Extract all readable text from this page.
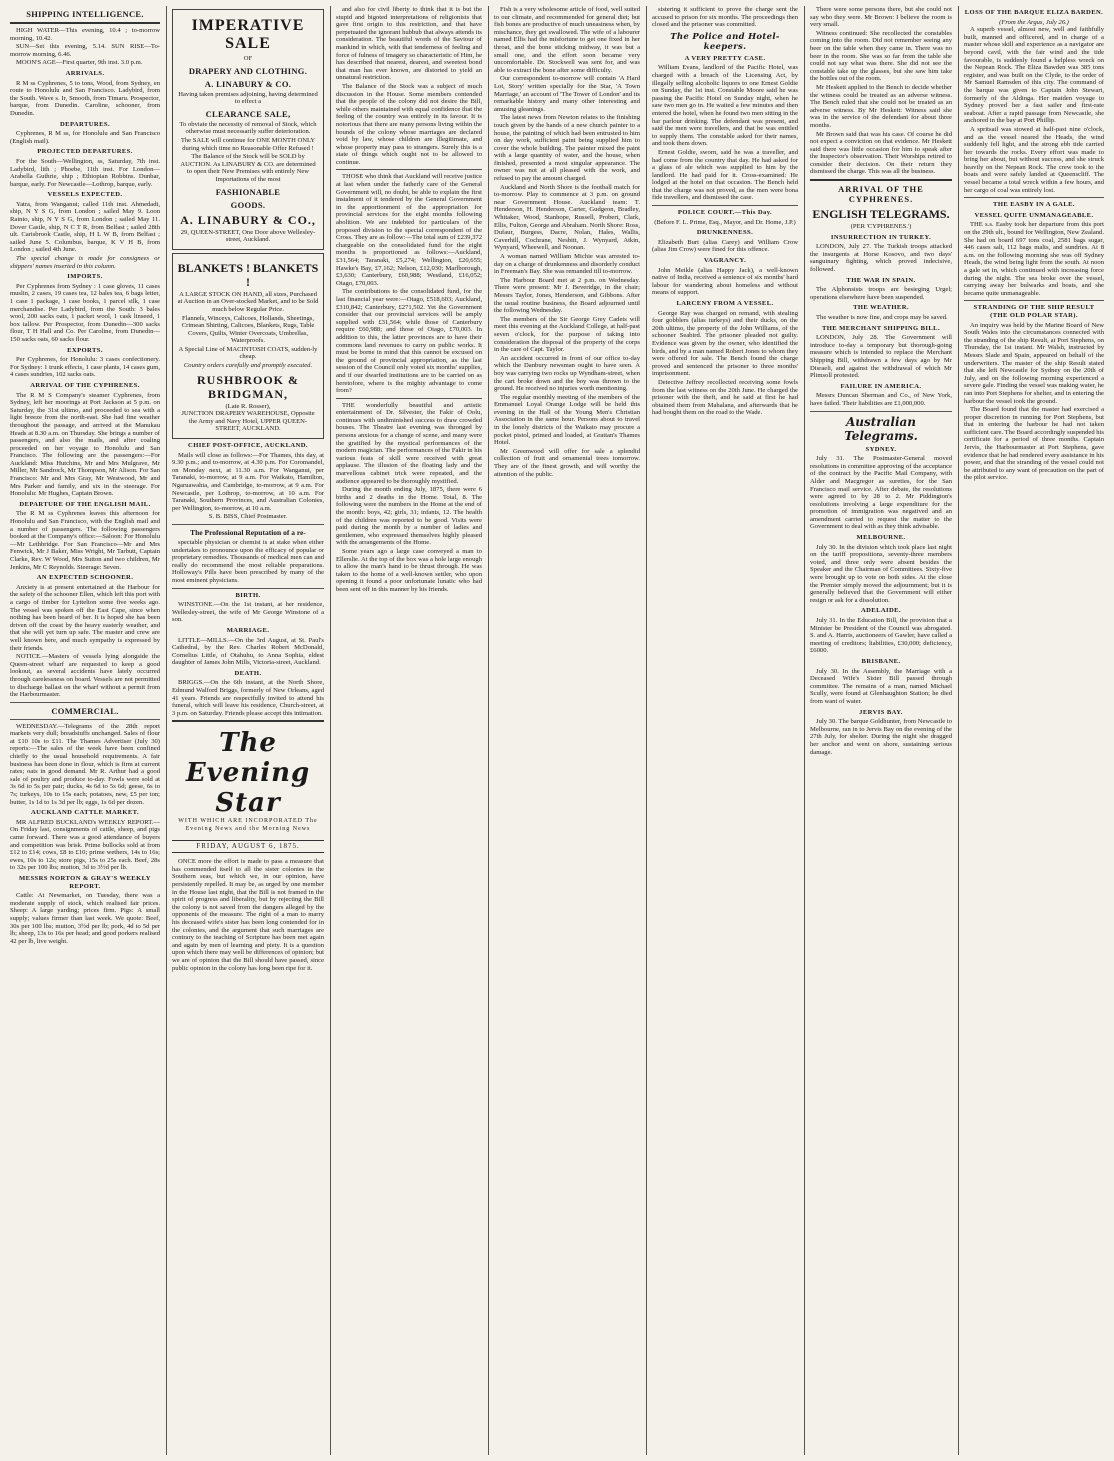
SHIPPING INTELLIGENCE.

HIGH WATER—This evening, 10.4 ; to-morrow morning, 10.42.

SUN—Set this evening, 5.14. SUN RISE—To-morrow morning, 6.46.

MOON'S AGE—First quarter, 9th inst. 3.0 p.m.

ARRIVALS.

R M ss Cyphrenes, 5 to tons, Wood, from Sydney, en route to Honolulu and San Francisco. Ladybird, from the South. Wave s. Ir, Smooth, from Timaru. Prospector, barque, from Dunedin. Caroline, schooner, from Dunedin.

DEPARTURES.

Cyphrenes, R M ss, for Honolulu and San Francisco (English mail).

PROJECTED DEPARTURES.

For the South—Wellington, ss, Saturday, 7th inst. Ladybird, lith ; Phoebe, 11th inst. For London—Arabella Guthrie, ship ; Ethiopian Robbins. Dunbar, barque, early. For Newcastle—Lothrop, barque, early.

VESSELS EXPECTED.

Yatra, from Wanganui; called 11th inst. Ahmedadt, ship, N Y S G, from London ; sailed May 9. Loon Rainto, ship, N Y S G, from London ; sailed May 11. Dover Castle, ship, N C T R, from Belfast ; sailed 28th ult. Carisbrook Castle, ship, H L W B, from Belfast ; sailed June 5. Columbus, barque, K V H B, from London ; sailed 4th June.

The special change is made for consignees or shippers' names inserted in this column.

IMPORTS.

Per Cyphrenes from Sydney : 1 case gloves, 11 cases muslin, 2 cases, 19 cases tea, 12 bales tea, 6 bags letter, 1 case 1 package, 1 case books, 1 parcel silk, 1 case merchandise. Per Ladybird, from the South: 3 bales wool, 200 sacks oats, 1 packet wool, 1 cask linseed, 1 box tallow. Per Prospector, from Dunedin—300 sacks flour, T H Hall and Co. Per Caroline, from Dunedin—150 sacks oats, 60 sacks flour.

EXPORTS.

Per Cyphrenes, for Honolulu: 3 cases confectionery. For Sydney: 1 trunk effects, 1 case plants, 14 cases gum, 4 cases sundries, 102 sacks oats.

ARRIVAL OF THE CYPHRENES.

The R M S Company's steamer Cyphrenes, from Sydney, left her moorings at Port Jackson at 5 p.m. on Saturday, the 31st ultimo, and proceeded to sea with a light breeze from the north-east. She had fine weather throughout the passage, and arrived at the Manukau Heads at 8.30 a.m. on Thursday. She brings a number of passengers, and also the mails, and after coaling proceeded on her voyage to Honolulu and San Francisco. The following are the passengers:—For Auckland: Miss Hutchins, Mr and Mrs Mulgrave, Mr Miller, Mr Sandrock, Mr Thompson, Mr Alison. For San Francisco: Mr and Mrs Gray, Mr Westwood, Mr and Mrs Parker and family, and six in the steerage. For Honolulu: Mr Hughes, Captain Brown.

DEPARTURE OF THE ENGLISH MAIL.

The R M ss Cyphrenes leaves this afternoon for Honolulu and San Francisco, with the English mail and a number of passengers. The following passengers booked at the Company's office:—Saloon: For Honolulu—Mr Lethbridge. For San Francisco—Mr and Mrs Fenwick, Mr J Baker, Miss Wright, Mr Tarbutt, Captain Clarke, Rev. W Wood, Mrs Sutton and two children, Mr Jenkins, Mr C Reynolds. Steerage: Seven.

AN EXPECTED SCHOONER.

Anxiety is at present entertained at the Harbour for the safety of the schooner Ellen, which left this port with a cargo of timber for Lyttelton some five weeks ago. The vessel was spoken off the East Cape, since when nothing has been heard of her. It is hoped she has been driven off the coast by the heavy easterly weather, and that she will yet turn up safe. The master and crew are well known here, and much sympathy is expressed by their friends.

NOTICE.—Masters of vessels lying alongside the Queen-street wharf are requested to keep a good lookout, as several accidents have lately occurred through carelessness on board. Vessels are not permitted to discharge ballast on the wharf without a permit from the Harbourmaster.

COMMERCIAL.

WEDNESDAY.—Telegrams of the 28th report markets very dull; breadstuffs unchanged. Sales of flour at £10 10s to £11. The Thames Advertiser (July 30) reports:—The sales of the week have been confined chiefly to the usual household requirements. A fair business has been done in flour, which is firm at current rates; oats in good demand. Mr R. Arthur had a good sale of poultry and produce to-day. Fowls were sold at 3s 6d to 5s per pair; ducks, 4s 6d to 5s 6d; geese, 6s to 7s; turkeys, 10s to 15s each; potatoes, new, £5 per ton; butter, 1s 1d to 1s 3d per lb; eggs, 1s 6d per dozen.

AUCKLAND CATTLE MARKET.

MR ALFRED BUCKLAND's WEEKLY REPORT.—On Friday last, consignments of cattle, sheep, and pigs came forward. There was a good attendance of buyers and competition was brisk. Prime bullocks sold at from £12 to £14; cows, £8 to £10; prime wethers, 14s to 16s; ewes, 10s to 12s; store pigs, 15s to 25s each. Beef, 28s to 32s per 100 lbs; mutton, 3d to 3½d per lb.

MESSRS NORTON & GRAY'S WEEKLY REPORT.

Cattle: At Newmarket, on Tuesday, there was a moderate supply of stock, which realised fair prices. Sheep: A large yarding; prices firm. Pigs: A small supply; values firmer than last week. We quote: Beef, 30s per 100 lbs; mutton, 3½d per lb; pork, 4d to 5d per lb; sheep, 13s to 16s per head; and good porkers realised 42 per lb, live weight.

IMPERATIVE SALE
OF
DRAPERY AND CLOTHING.
A. LINABURY & CO.

Having taken premises adjoining, having determined to effect a

CLEARANCE SALE,

To obviate the necessity of removal of Stock, which otherwise must necessarily suffer deterioration.

The SALE will continue for ONE MONTH ONLY during which time no Reasonable Offer Refused !

The Balance of the Stock will be SOLD by AUCTION. As LINABURY & CO. are determined to open their New Premises with entirely New Importations of the most

FASHIONABLE
GOODS.
A. LINABURY & CO.,

29, QUEEN-STREET, One Door above Wellesley-street, Auckland.

BLANKETS ! BLANKETS !

A LARGE STOCK ON HAND, all sizes, Purchased at Auction in an Over-stocked Market, and to be Sold much below Regular Price.

Flannels, Winceys, Calicoes, Hollands, Sheetings, Crimean Shirting, Calicoes, Blankets, Rugs, Table Covers, Quilts, Winter Overcoats, Umbrellas, Waterproofs.

A Special Line of MACINTOSH COATS, sudden-ly cheap.

Country orders carefully and promptly executed.

RUSHBROOK & BRIDGMAN,
(Late R. Rosser),

JUNCTION DRAPERY WAREHOUSE, Opposite the Army and Navy Hotel, UPPER QUEEN-STREET, AUCKLAND.

CHIEF POST-OFFICE, AUCKLAND.

Mails will close as follows:—For Thames, this day, at 9.30 p.m.; and to-morrow, at 4.30 p.m. For Coromandel, on Monday next, at 11.30 a.m. For Wanganui, per Taranaki, to-morrow, at 9 a.m. For Waikato, Hamilton, Ngaruawahia, and Cambridge, to-morrow, at 9 a.m. For Newcastle, per Lothrop, to-morrow, at 10 a.m. For Taranaki, Southern Provinces, and Australian Colonies, per Wellington, to-morrow, at 10 a.m.

S. B. BISS, Chief Postmaster.

The Professional Reputation of a re-

spectable physician or chemist is at stake when either undertakes to pronounce upon the efficacy of popular or proprietary remedies. Thousands of medical men can and really do recommend the most reliable preparations. Holloway's Pills have been prescribed by many of the most eminent physicians.

BIRTH.

WINSTONE.—On the 1st instant, at her residence, Wellesley-street, the wife of Mr George Winstone of a son.

MARRIAGE.

LITTLE—MILLS.—On the 3rd August, at St. Paul's Cathedral, by the Rev. Charles Robert McDonald, Cornelius Little, of Otahuhu, to Anna Sophia, eldest daughter of James John Mills, Victoria-street, Auckland.

DEATH.

BRIGGS.—On the 6th instant, at the North Shore, Edmund Walford Briggs, formerly of New Orleans, aged 41 years. Friends are respectfully invited to attend his funeral, which will leave his residence, Church-street, at 3 p.m. on Saturday. Friends please accept this intimation.

The Evening Star
WITH WHICH ARE INCORPORATED The Evening News and the Morning News
FRIDAY, AUGUST 6, 1875.

ONCE more the effort is made to pass a measure that has commended itself to all the sister colonies in the Southern seas, but which we, in our opinion, have persistently repelled. It may be, as urged by one member in the House last night, that the Bill is not framed in the spirit of progress and liberality, but by rejecting the Bill the colony is not saved from the dangers alleged by the opponents of the measure. The right of a man to marry his deceased wife's sister has been long contended for in the colonies, and the argument that such marriages are contrary to the teaching of Scripture has been met again and again by men of learning and piety. It is a question upon which there may well be differences of opinion; but we are of opinion that the Bill should have passed, since public opinion in the colony has long been ripe for it.

and also for civil liberty to think that it is but the stupid and bigoted interpretations of religionists that gave first origin to this restriction, and that have perpetuated the ignorant hubbub that always attends its consideration. The beautiful words of the Saviour of mankind in which, with that tenderness of feeling and force of fulness of imagery so characteristic of Him, he has described that nearest, dearest, and sweetest bond that man has ever known, are distorted to yield an unnatural restriction.

The Balance of the Stock was a subject of much discussion in the House. Some members contended that the people of the colony did not desire the Bill, while others maintained with equal confidence that the feeling of the country was entirely in its favour. It is notorious that there are many persons living within the bounds of the colony whose marriages are declared void by law, whose children are illegitimate, and whose property may pass to strangers. Surely this is a state of things which ought not to be allowed to continue.

THOSE who think that Auckland will receive justice at last when under the fatherly care of the General Government will, no doubt, be able to explain the first instalment of it tendered by the General Government in the apportionment of the appropriation for provincial services for the eight months following abolition. We are indebted for particulars of the proposed division to the special correspondent of the Cross. They are as follow:—The total sum of £239,372 chargeable on the consolidated fund for the eight months is proportioned as follows:—Auckland, £31,564; Taranaki, £5,274; Wellington, £20,655; Hawke's Bay, £7,162; Nelson, £12,030; Marlborough, £3,630; Canterbury, £60,988; Westland, £16,052; Otago, £70,003.

The contributions to the consolidated fund, for the last financial year were:—Otago, £518,603; Auckland, £310,842; Canterbury, £271,502. Yet the Government consider that our provincial services will be amply supplied with £31,564; while those of Canterbury require £60,988; and those of Otago, £70,003. In addition to this, the latter provinces are to have their commons land revenues to carry on public works. It must be borne in mind that this cannot be excused on the ground of provincial appropriation, as the last session of the Council only voted six months' supplies, and if our dwarfed institutions are to be carried on as heretofore, where is the mighty advantage to come from?

THE wonderfully beautiful and artistic entertainment of Dr. Silvester, the Fakir of Oolu, continues with undiminished success to draw crowded houses. The Theatre last evening was thronged by persons anxious for a change of scene, and many were the gratified by the mystical performances of the modern magician. The performances of the Fakir in his various feats of skill were received with great applause. The illusion of the floating lady and the marvellous cabinet trick were repeated, and the audience appeared to be thoroughly mystified.

During the month ending July, 1875, there were 6 births and 2 deaths in the Home. Total, 8. The following were the numbers in the Home at the end of the month: boys, 42; girls, 31; infants, 12. The health of the children was reported to be good. Visits were paid during the month by a number of ladies and gentlemen, who expressed themselves highly pleased with the arrangements of the Home.

Some years ago a large case conveyed a man to Ellerslie. At the top of the box was a hole large enough to allow the man's hand to be thrust through. He was taken to the home of a well-known settler, who upon opening it found a poor unfortunate lunatic who had been sent off in this manner by his friends.

Fish is a very wholesome article of food, well suited to our climate, and recommended for general diet; but fish bones are productive of much uneasiness when, by mischance, they get swallowed. The wife of a labourer named Ellis had the misfortune to get one fixed in her throat, and the bone sticking midway, it was but a small one, and the effort soon became very uncomfortable. Dr. Stockwell was sent for, and was able to extract the bone after some difficulty.

Our correspondent to-morrow will contain 'A Hard Lot, Story' written specially for the Star, 'A Town Marriage,' an account of 'The Tower of London' and its remarkable history and many other interesting and amusing gleanings.

The latest news from Newton relates to the finishing touch given by the hands of a new church painter to a house, the painting of which had been entrusted to him on day work, sufficient paint being supplied him to cover the whole building. The painter mixed the paint with a large quantity of water, and the house, when finished, presented a most singular appearance. The owner was not at all pleased with the work, and refused to pay the amount charged.

Auckland and North Shore is the football match for to-morrow. Play to commence at 3 p.m. on ground near Government House. Auckland team: T. Henderson, H. Henderson, Carter, Gudgeon, Bradley, Whitaker, Wood, Stanhope, Russell, Probert, Clark, Ellis, Fulton, George and Abraham. North Shore: Ross, Dufaur, Burgess, Dacre, Nolan, Hales, Wallis, Caverhill, Cochrane, Nesbitt, J. Wynyard, Atkin, Wynyard, Wheewell, and Noonan.

A woman named William Michie was arrested to-day on a charge of drunkenness and disorderly conduct in Freeman's Bay. She was remanded till to-morrow.

The Harbour Board met at 2 p.m. on Wednesday. There were present: Mr J. Beveridge, in the chair; Messrs Taylor, Jones, Henderson, and Gibbons. After the usual routine business, the Board adjourned until the following Wednesday.

The members of the Sir George Grey Cadets will meet this evening at the Auckland College, at half-past seven o'clock, for the purpose of taking into consideration the disposal of the property of the corps in the care of Capt. Taylor.

An accident occurred in front of our office to-day which the Danbury newsman ought to have seen. A boy was carrying two rocks up Wyndham-street, when the cart broke down and the boy was thrown to the ground. He received no injuries worth mentioning.

The regular monthly meeting of the members of the Emmanuel Loyal Orange Lodge will be held this evening in the Hall of the Young Men's Christian Association in the same hour. Persons about to travel in the lonely districts of the Waikato may procure a pocket pistol, primed and loaded, at Grattan's Thames Hotel.

Mr Greenwood will offer for sale a splendid collection of fruit and ornamental trees tomorrow. They are of the finest growth, and will worthy the attention of the public.

sistering it sufficient to prove the charge sent the accused to prison for six months. The proceedings then closed and the prisoner was committed.

The Police and Hotel-keepers.
A VERY PRETTY CASE.

William Evans, landlord of the Pacific Hotel, was charged with a breach of the Licensing Act, by illegally selling alcoholic liquors to one Ernest Goldie on Sunday, the 1st inst. Constable Moore said he was passing the Pacific Hotel on Sunday night, when he saw two men go in. He waited a few minutes and then entered the hotel, when he found two men sitting in the bar parlour drinking. The defendant was present, and said the men were travellers, and that he was entitled to supply them. The constable asked for their names, and took them down.

Ernest Goldie, sworn, said he was a traveller, and had come from the country that day. He had asked for a glass of ale which was supplied to him by the landlord. He had paid for it. Cross-examined: He lodged at the hotel on that occasion. The Bench held that the charge was not proved, as the men were bona fide travellers, and dismissed the case.

POLICE COURT.—This Day.

(Before F. L. Prime, Esq., Mayor, and Dr. Home, J.P.)

DRUNKENNESS.

Elizabeth Burt (alias Carey) and William Crow (alias Jim Crow) were fined for this offence.

VAGRANCY.

John Meikle (alias Happy Jack), a well-known native of India, received a sentence of six months' hard labour for wandering about homeless and without means of support.

LARCENY FROM A VESSEL.

George Ray was charged on remand, with stealing four gobblers (alias turkeys) and their ducks, on the 20th ultimo, the property of the John Williams, of the schooner Seabird. The prisoner pleaded not guilty. Evidence was given by the owner, who identified the birds, and by a man named Robert Jones to whom they were offered for sale. The Bench found the charge proved and sentenced the prisoner to three months' imprisonment.

Detective Jeffrey recollected receiving some fowls from the last witness on the 20th June. He charged the prisoner with the theft, and he said at first he had obtained them from Mahalana, and afterwards that he had bought them on the road to the Wade.

There were some persons there, but she could not say who they were. Mr Brown: I believe the room is very small.

Witness continued: She recollected the constables coming into the room. Did not remember seeing any beer on the table when they came in. There was no beer in the room. She was so far from the table she could not say what was there. She did not see the constable take up the glasses, but she saw him take the bottles out of the room.

Mr Heskett applied to the Bench to decide whether the witness could be treated as an adverse witness. The Bench ruled that she could not be treated as an adverse witness. By Mr Heskett: Witness said she was in the service of the defendant for about three months.

Mr Brown said that was his case. Of course he did not expect a conviction on that evidence. Mr Heskett said there was little occasion for him to speak after the Inspector's observation. Their Worships retired to consider their decision. On their return they dismissed the charge. This was all the business.

ARRIVAL OF THE CYPHRENES.
ENGLISH TELEGRAMS.
(PER 'CYPHRENES.')
INSURRECTION IN TURKEY.

LONDON, July 27. The Turkish troops attacked the insurgents at Horse Kosovo, and two days' sanguinary fighting, which proved indecisive, followed.

THE WAR IN SPAIN.

The Alphonsists troops are besieging Urgel; operations elsewhere have been suspended.

THE WEATHER.

The weather is now fine, and crops may be saved.

THE MERCHANT SHIPPING BILL.

LONDON, July 28. The Government will introduce to-day a temporary but thorough-going measure which is intended to replace the Merchant Shipping Bill, withdrawn a few days ago by Mr Disraeli, and against the withdrawal of which Mr Plimsoll protested.

FAILURE IN AMERICA.

Messrs Duncan Sherman and Co., of New York, have failed. Their liabilities are £1,000,000.

Australian Telegrams.
SYDNEY.

July 31. The Postmaster-General moved resolutions in committee approving of the acceptance of the contract by the Pacific Mail Company, with Alder and Macgregor as sureties, for the San Francisco mail service. After debate, the resolutions were agreed to by 28 to 2. Mr Piddington's resolutions involving a large expenditure for the promotion of immigration was negatived and an amendment carried to request the matter to the Government to deal with as they think advisable.

MELBOURNE.

July 30. In the division which took place last night on the tariff propositions, seventy-three members voted, and three only were absent besides the Speaker and the Chairman of Committees. Sixty-five were brought up to vote on both sides. At the close the Premier simply moved the adjournment; but it is generally believed that the Government will either resign or ask for a dissolution.

ADELAIDE.

July 31. In the Education Bill, the provision that a Minister be President of the Council was abrogated. S. and A. Harris, auctioneers of Gawler, have called a meeting of creditors; liabilities, £30,000; deficiency, £6000.

BRISBANE.

July 30. In the Assembly, the Marriage with a Deceased Wife's Sister Bill passed through committee. The remains of a man, named Michael Scully, were found at Glenhaughton Station; he died from want of water.

JERVIS BAY.

July 30. The barque Goldhunter, from Newcastle to Melbourne, ran in to Jervis Bay on the evening of the 27th July, for shelter. During the night she dragged her anchor and went on shore, sustaining serious damage.

LOSS OF THE BARQUE ELIZA BARDEN.
(From the Argus, July 26.)

A superb vessel, almost new, well and faithfully built, manned and officered, and in charge of a master whose skill and experience as a navigator are beyond cavil, with the fair wind and the tide favourable, is suddenly found a helpless wreck on the Nepean Rock. The Eliza Bawden was 385 tons register, and was built on the Clyde, to the order of Mr Samuel Ramsden of this city. The command of the barque was given to Captain John Stewart, formerly of the Aldinga. Her maiden voyage to Sydney proved her a fast sailer and first-rate seaboat. After a rapid passage from Newcastle, she anchored in the bay at Port Phillip.

A spritsail was stowed at half-past nine o'clock, and as the vessel neared the Heads, the wind suddenly fell light, and the strong ebb tide carried her towards the rocks. Every effort was made to bring her about, but without success, and she struck heavily on the Nepean Rock. The crew took to the boats and were safely landed at Queenscliff. The vessel became a total wreck within a few hours, and her cargo of coal was entirely lost.

THE EASBY IN A GALE.
VESSEL QUITE UNMANAGEABLE.

THE s.s. Easby took her departure from this port on the 29th ult., bound for Wellington, New Zealand. She had on board 697 tons coal, 2581 bags sugar, 446 cases salt, 112 bags malts, and sundries. At 8 a.m. on the following morning she was off Sydney Heads, the wind being light from the south. At noon a gale set in, which continued with increasing force during the night. The sea broke over the vessel, carrying away her bulwarks and boats, and she became quite unmanageable.

STRANDING OF THE SHIP RESULT (THE OLD POLAR STAR).

An inquiry was held by the Marine Board of New South Wales into the circumstances connected with the stranding of the ship Result, at Port Stephens, on Thursday, the 1st instant. Mr Walsh, instructed by Messrs Slade and Spain, appeared on behalf of the underwriters. The master of the ship Result stated that she left Newcastle for Sydney on the 20th of July, and on the following morning experienced a severe gale. Finding the vessel was making water, he ran into Port Stephens for shelter, and in entering the harbour the vessel took the ground.

The Board found that the master had exercised a proper discretion in running for Port Stephens, but that in entering the harbour he had not taken sufficient care. The Board accordingly suspended his certificate for a period of three months. Captain Jervis, the Harbourmaster at Port Stephens, gave evidence that he had rendered every assistance in his power, and that the stranding of the vessel could not be attributed to any want of precaution on the part of the pilot service.
